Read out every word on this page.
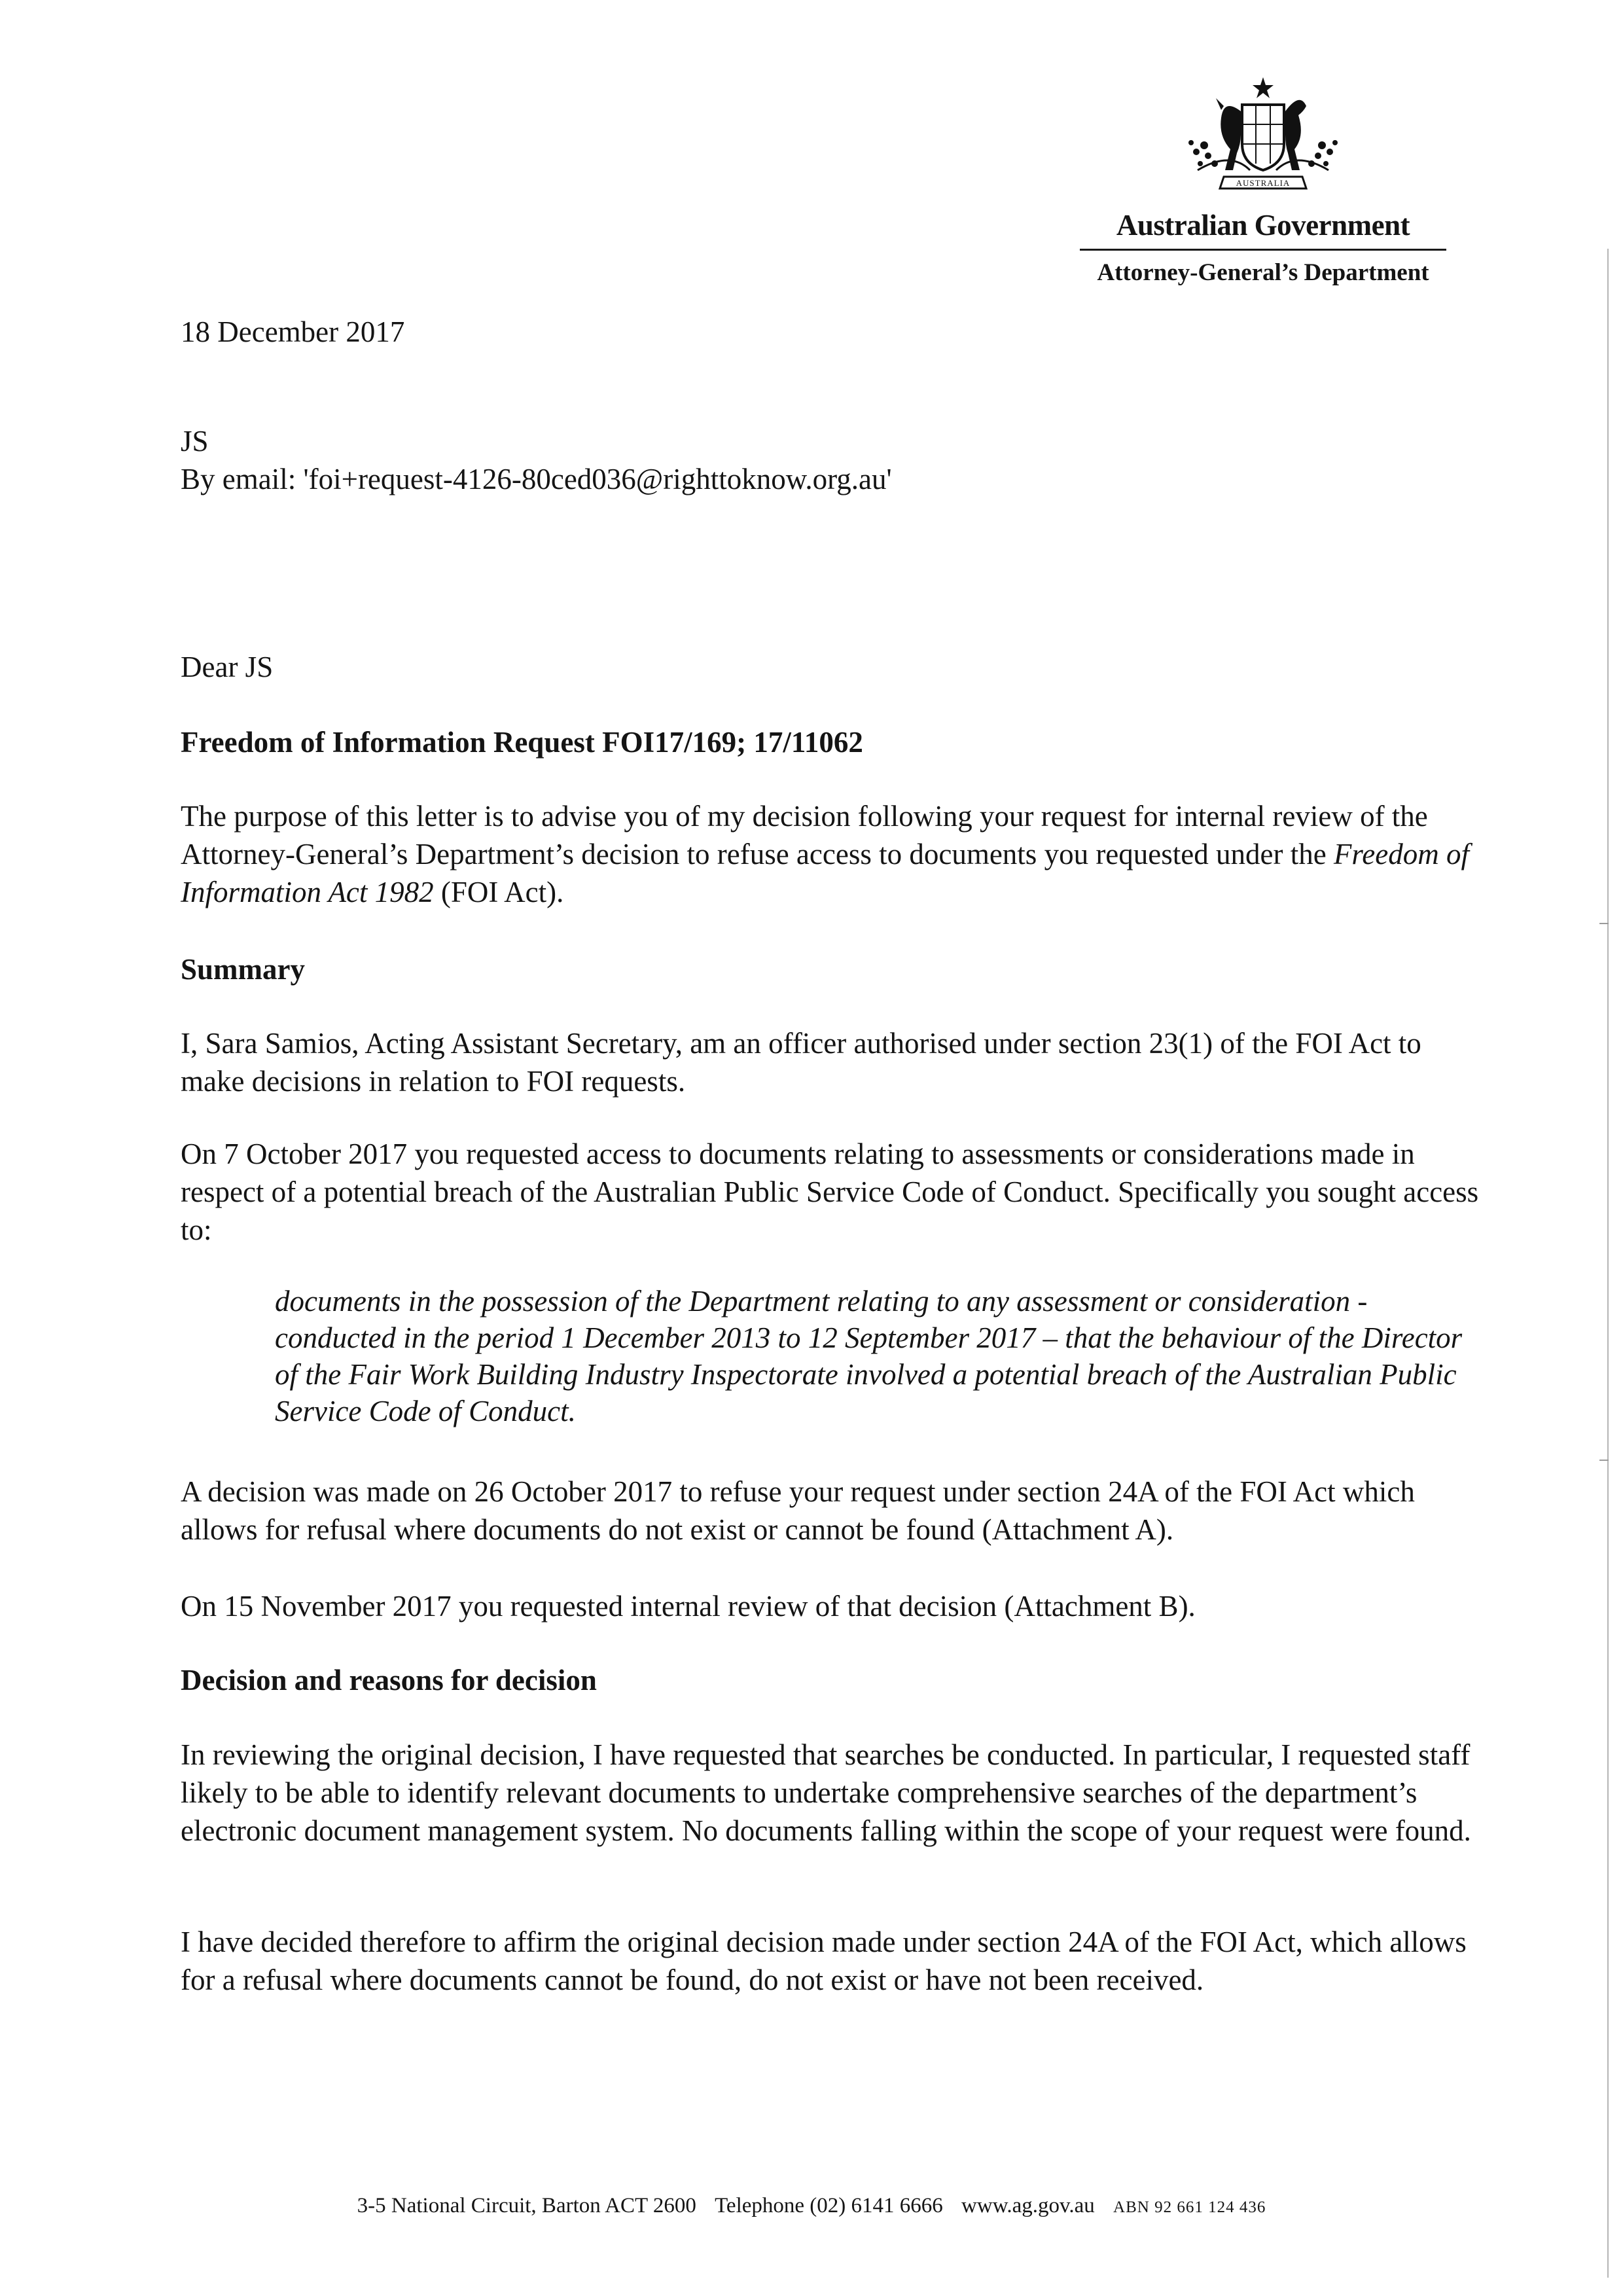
AUSTRALIA
Australian Government
Attorney-General’s Department
18 December 2017

JS

By email: 'foi+request-4126-80ced036@righttoknow.org.au'

Dear JS
Freedom of Information Request FOI17/169; 17/11062
The purpose of this letter is to advise you of my decision following your request for internal review of the Attorney-General’s Department’s decision to refuse access to documents you requested under the Freedom of Information Act 1982 (FOI Act).
Summary
I, Sara Samios, Acting Assistant Secretary, am an officer authorised under section 23(1) of the FOI Act to make decisions in relation to FOI requests.
On 7 October 2017 you requested access to documents relating to assessments or considerations made in respect of a potential breach of the Australian Public Service Code of Conduct. Specifically you sought access to:
documents in the possession of the Department relating to any assessment or consideration - conducted in the period 1 December 2013 to 12 September 2017 – that the behaviour of the Director of the Fair Work Building Industry Inspectorate involved a potential breach of the Australian Public Service Code of Conduct.
A decision was made on 26 October 2017 to refuse your request under section 24A of the FOI Act which allows for refusal where documents do not exist or cannot be found (Attachment A).
On 15 November 2017 you requested internal review of that decision (Attachment B).
Decision and reasons for decision
In reviewing the original decision, I have requested that searches be conducted. In particular, I requested staff likely to be able to identify relevant documents to undertake comprehensive searches of the department’s electronic document management system. No documents falling within the scope of your request were found.
I have decided therefore to affirm the original decision made under section 24A of the FOI Act, which allows for a refusal where documents cannot be found, do not exist or have not been received.
3-5 National Circuit, Barton ACT 2600 Telephone (02) 6141 6666 www.ag.gov.au ABN 92 661 124 436
